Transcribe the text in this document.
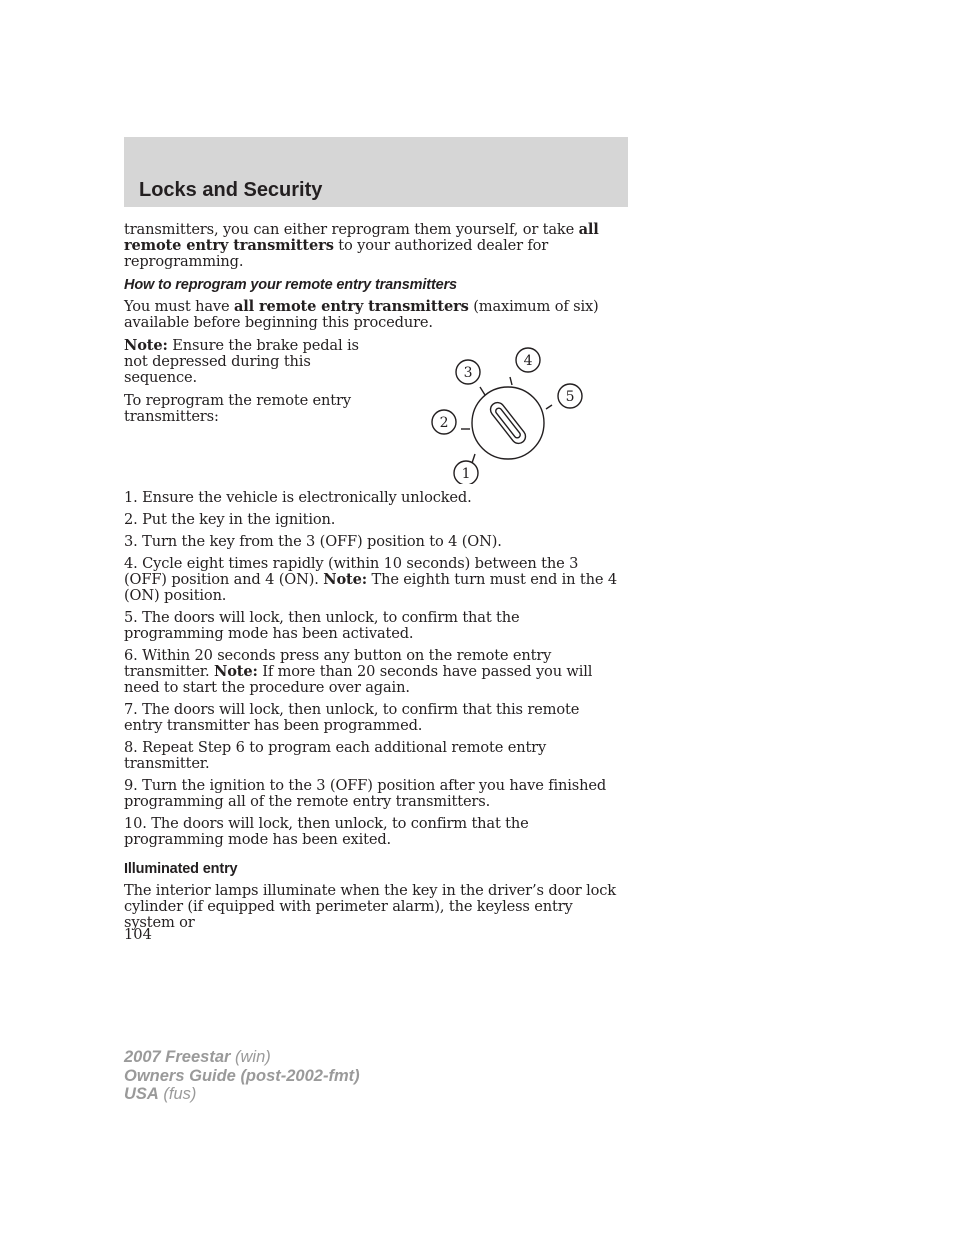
Locks and Security

transmitters, you can either reprogram them yourself, or take all remote entry transmitters to your authorized dealer for reprogramming.

How to reprogram your remote entry transmitters

You must have all remote entry transmitters (maximum of six) available before beginning this procedure.

Note: Ensure the brake pedal is not depressed during this sequence.

To reprogram the remote entry transmitters:

1
2
3
4
5

1. Ensure the vehicle is electronically unlocked.

2. Put the key in the ignition.

3. Turn the key from the 3 (OFF) position to 4 (ON).

4. Cycle eight times rapidly (within 10 seconds) between the 3 (OFF) position and 4 (ON). Note: The eighth turn must end in the 4 (ON) position.

5. The doors will lock, then unlock, to confirm that the programming mode has been activated.

6. Within 20 seconds press any button on the remote entry transmitter. Note: If more than 20 seconds have passed you will need to start the procedure over again.

7. The doors will lock, then unlock, to confirm that this remote entry transmitter has been programmed.

8. Repeat Step 6 to program each additional remote entry transmitter.

9. Turn the ignition to the 3 (OFF) position after you have finished programming all of the remote entry transmitters.

10. The doors will lock, then unlock, to confirm that the programming mode has been exited.

Illuminated entry

The interior lamps illuminate when the key in the driver’s door lock cylinder (if equipped with perimeter alarm), the keyless entry system or

104
2007 Freestar (win)
Owners Guide (post-2002-fmt)
USA (fus)
